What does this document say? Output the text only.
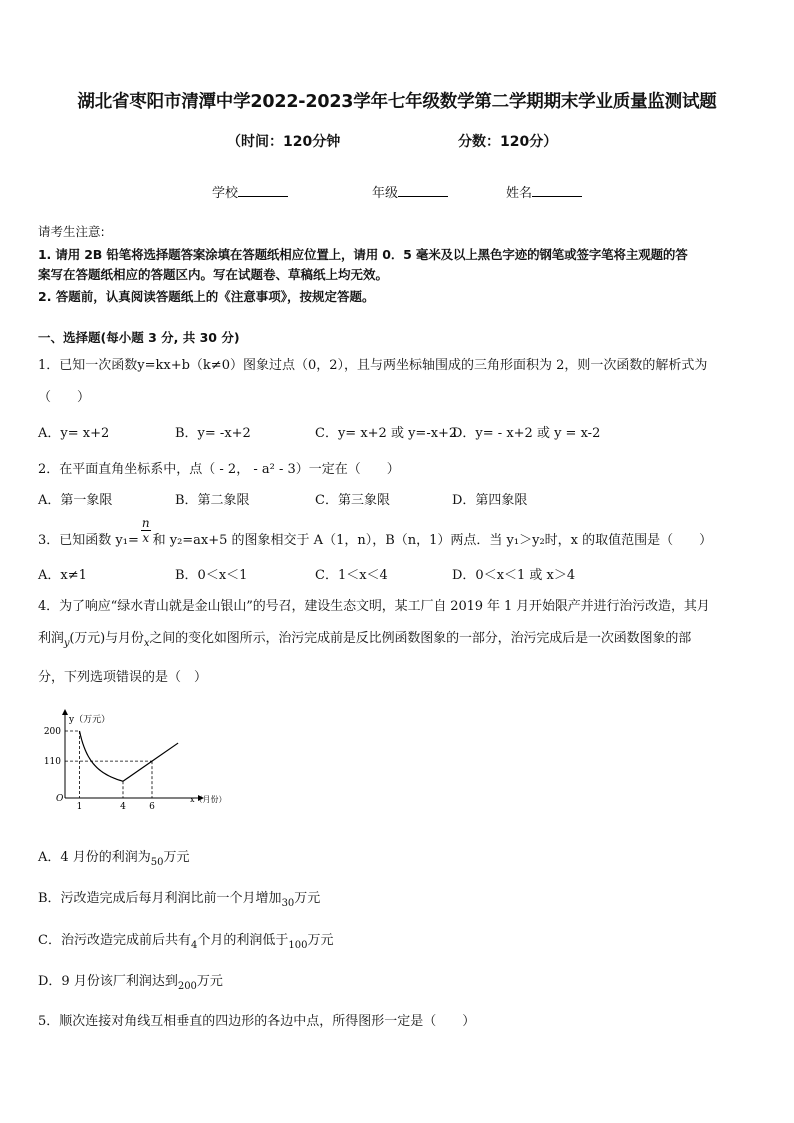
湖北省枣阳市清潭中学2022-2023学年七年级数学第二学期期末学业质量监测试题
（时间：120分钟	分数：120分）
学校	年级	姓名
请考生注意:
1. 请用 2B 铅笔将选择题答案涂填在答题纸相应位置上，请用 0．5 毫米及以上黑色字迹的钢笔或签字笔将主观题的答
案写在答题纸相应的答题区内。写在试题卷、草稿纸上均无效。
2. 答题前，认真阅读答题纸上的《注意事项》，按规定答题。
一、选择题(每小题 3 分, 共 30 分)
1．已知一次函数y=kx+b（k≠0）图象过点（0，2），且与两坐标轴围成的三角形面积为 2，则一次函数的解析式为
（　　）
A．y= x+2	B．y= -x+2	C．y= x+2 或 y=-x+2
D．y= - x+2 或 y = x-2
2．在平面直角坐标系中，点（ - 2， - a² - 3）一定在（　　）
A．第一象限	B．第二象限	C．第三象限	D．第四象限
3．已知函数 $y_1= \frac{n}{x}$ 和 y₂=ax+5 的图象相交于 A（1，n），B（n，1）两点．当 y₁＞y₂时，x 的取值范围是（　　）
A．x≠1	B．0＜x＜1	C．1＜x＜4	D．0＜x＜1 或 x＞4
4．为了响应“绿水青山就是金山银山”的号召，建设生态文明，某工厂自 2019 年 1 月开始限产并进行治污改造，其月
利润$_y$(万元)与月份$_x$之间的变化如图所示，治污完成前是反比例函数图象的一部分，治污完成后是一次函数图象的部
分，下列选项错误的是（　）
200
110
1	4	6
y（万元）
x（月份）
O
A．4 月份的利润为$_{50}$万元
B．污改造完成后每月利润比前一个月增加$_{30}$万元
C．治污改造完成前后共有$_4$个月的利润低于$_{100}$万元
D．9 月份该厂利润达到$_{200}$万元
5．顺次连接对角线互相垂直的四边形的各边中点，所得图形一定是（　　）
